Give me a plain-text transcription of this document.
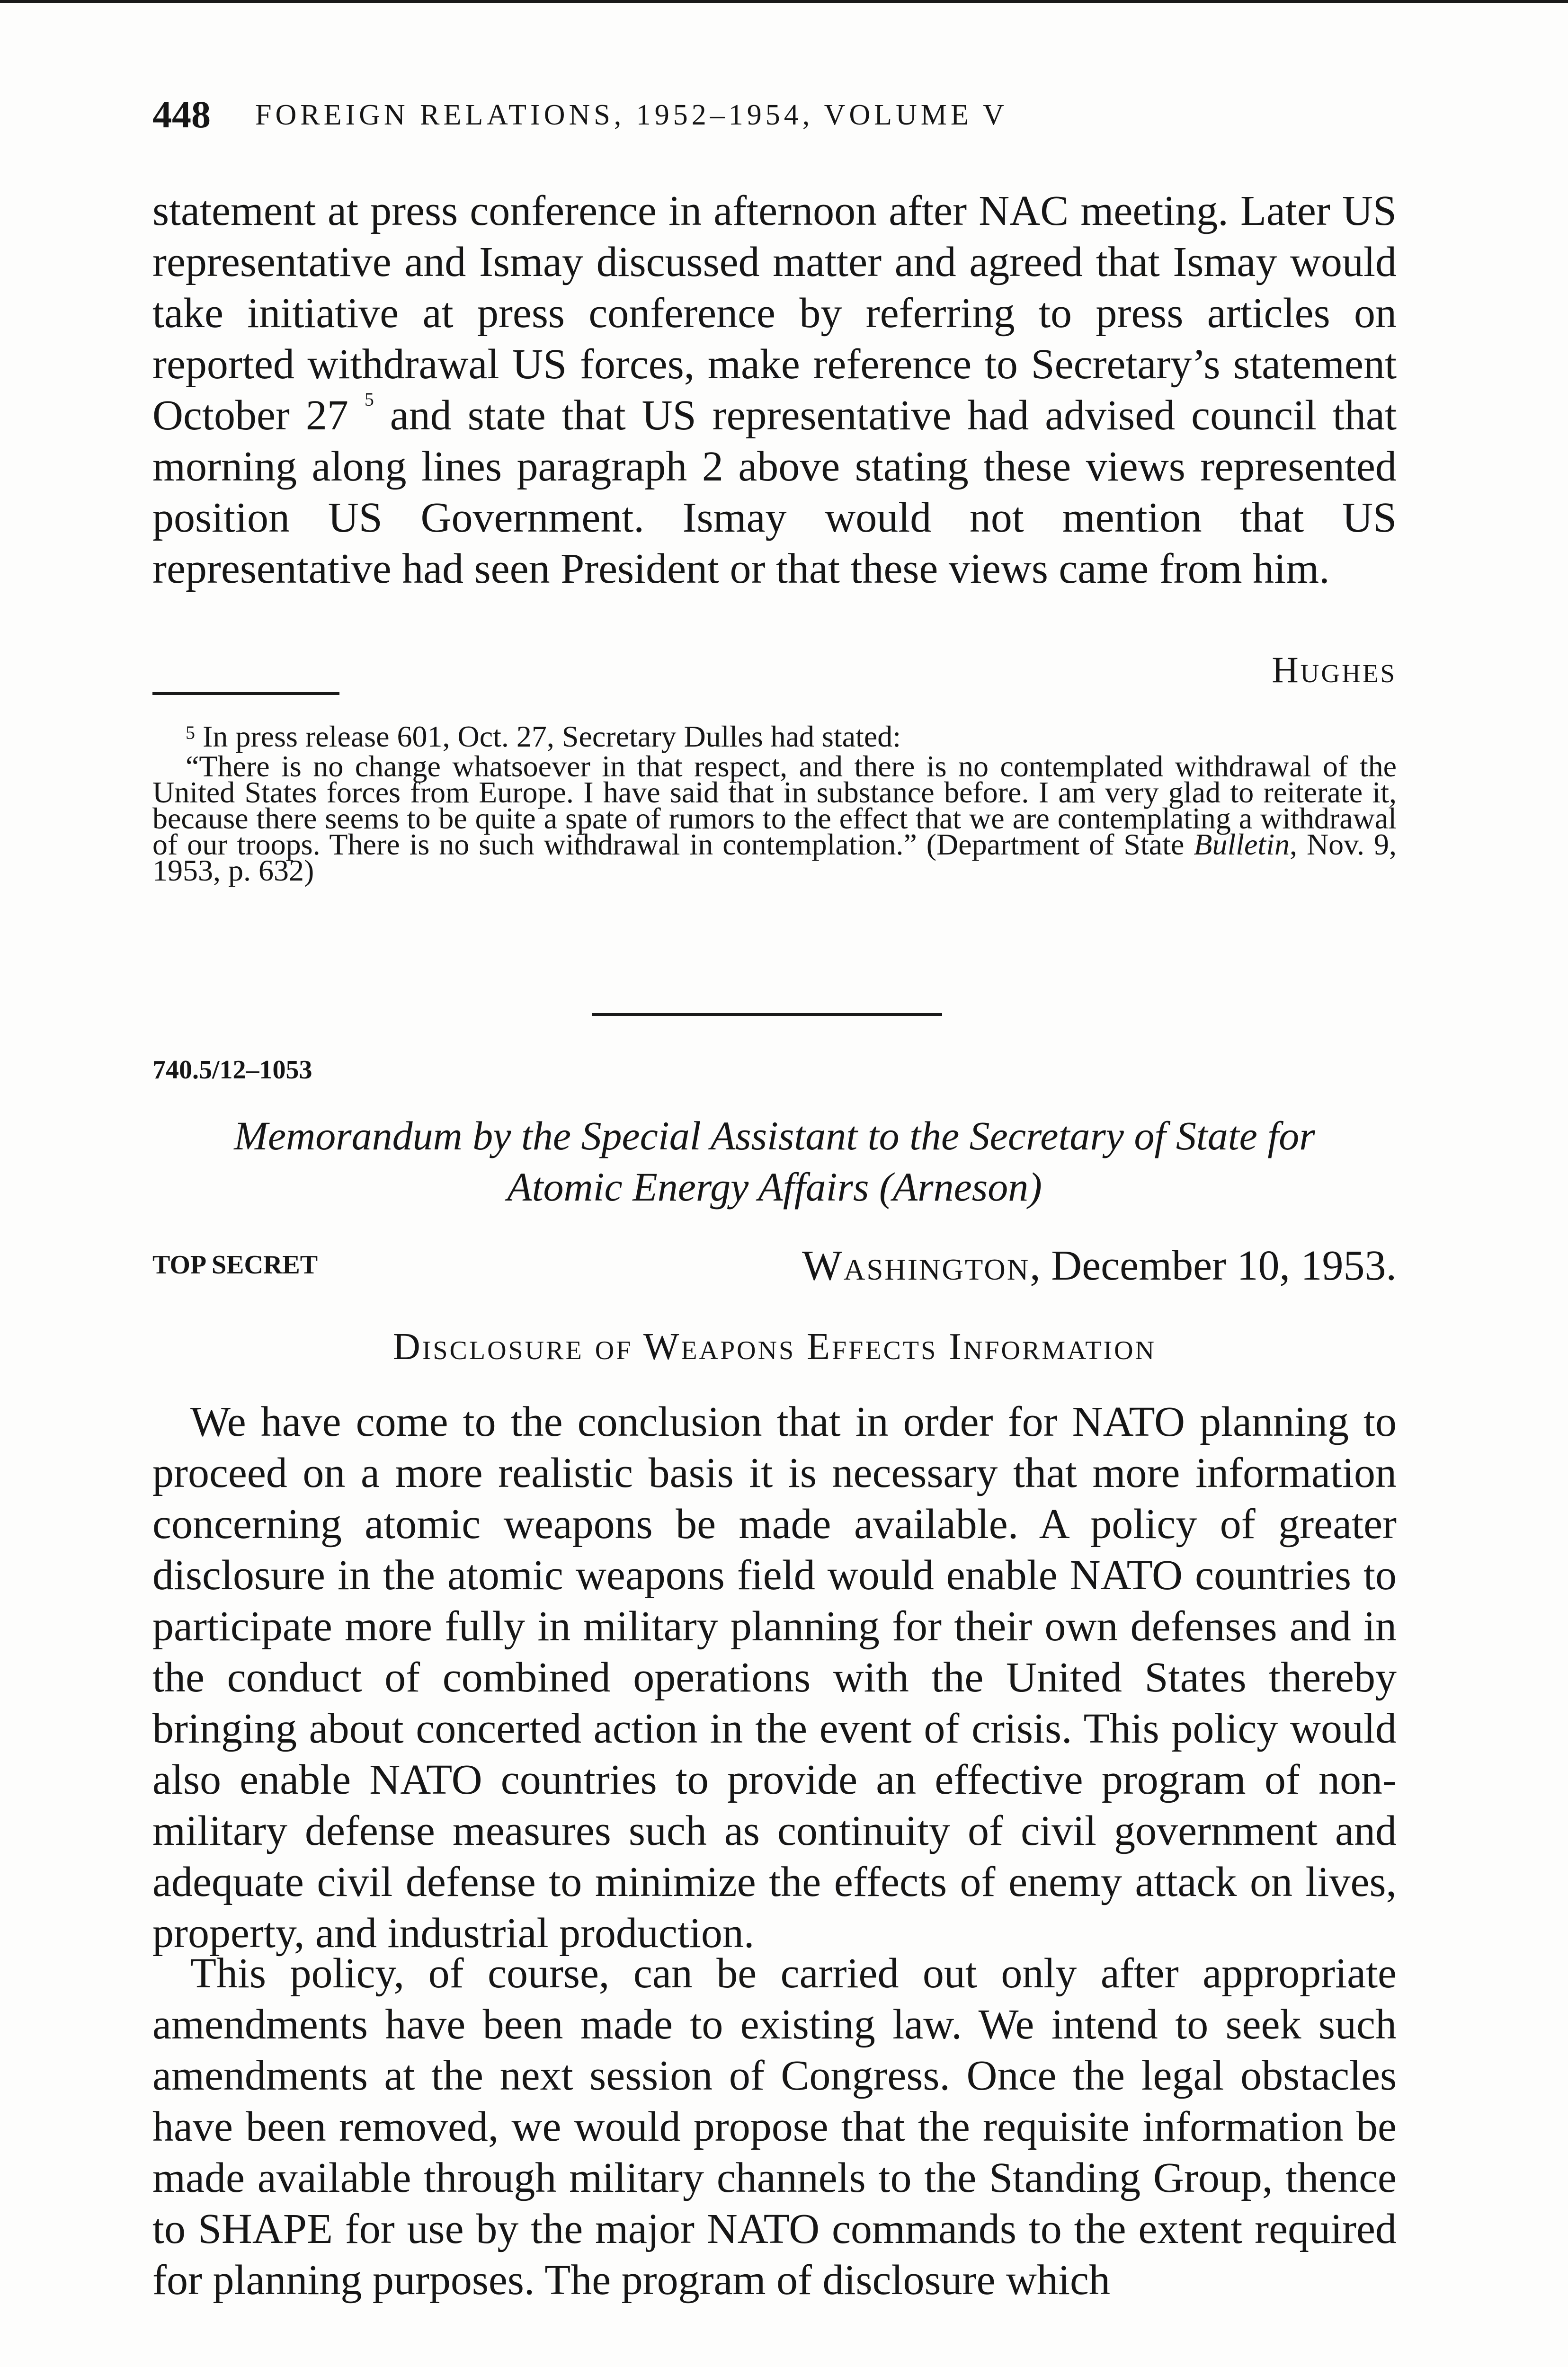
448 FOREIGN RELATIONS, 1952–1954, VOLUME V

statement at press conference in afternoon after NAC meeting. Later US representative and Ismay discussed matter and agreed that Ismay would take initiative at press conference by referring to press articles on reported withdrawal US forces, make reference to Secretary’s statement October 27 $^5$ and state that US representative had advised council that morning along lines paragraph 2 above stating these views represented position US Government. Ismay would not mention that US representative had seen President or that these views came from him.

Hughes

$^5$ In press release 601, Oct. 27, Secretary Dulles had stated:

“There is no change whatsoever in that respect, and there is no contemplated withdrawal of the United States forces from Europe. I have said that in substance before. I am very glad to reiterate it, because there seems to be quite a spate of rumors to the effect that we are contemplating a withdrawal of our troops. There is no such withdrawal in contemplation.” (Department of State Bulletin, Nov. 9, 1953, p. 632)

740.5/12–1053
Memorandum by the Special Assistant to the Secretary of State for
Atomic Energy Affairs (Arneson)
TOP SECRET	Washington, December 10, 1953.
Disclosure of Weapons Effects Information

We have come to the conclusion that in order for NATO planning to proceed on a more realistic basis it is necessary that more information concerning atomic weapons be made available. A policy of greater disclosure in the atomic weapons field would enable NATO countries to participate more fully in military planning for their own defenses and in the conduct of combined operations with the United States thereby bringing about concerted action in the event of crisis. This policy would also enable NATO countries to provide an effective program of non-military defense measures such as continuity of civil government and adequate civil defense to minimize the effects of enemy attack on lives, property, and industrial production.

This policy, of course, can be carried out only after appropriate amendments have been made to existing law. We intend to seek such amendments at the next session of Congress. Once the legal obstacles have been removed, we would propose that the requisite information be made available through military channels to the Standing Group, thence to SHAPE for use by the major NATO commands to the extent required for planning purposes. The program of disclosure which
